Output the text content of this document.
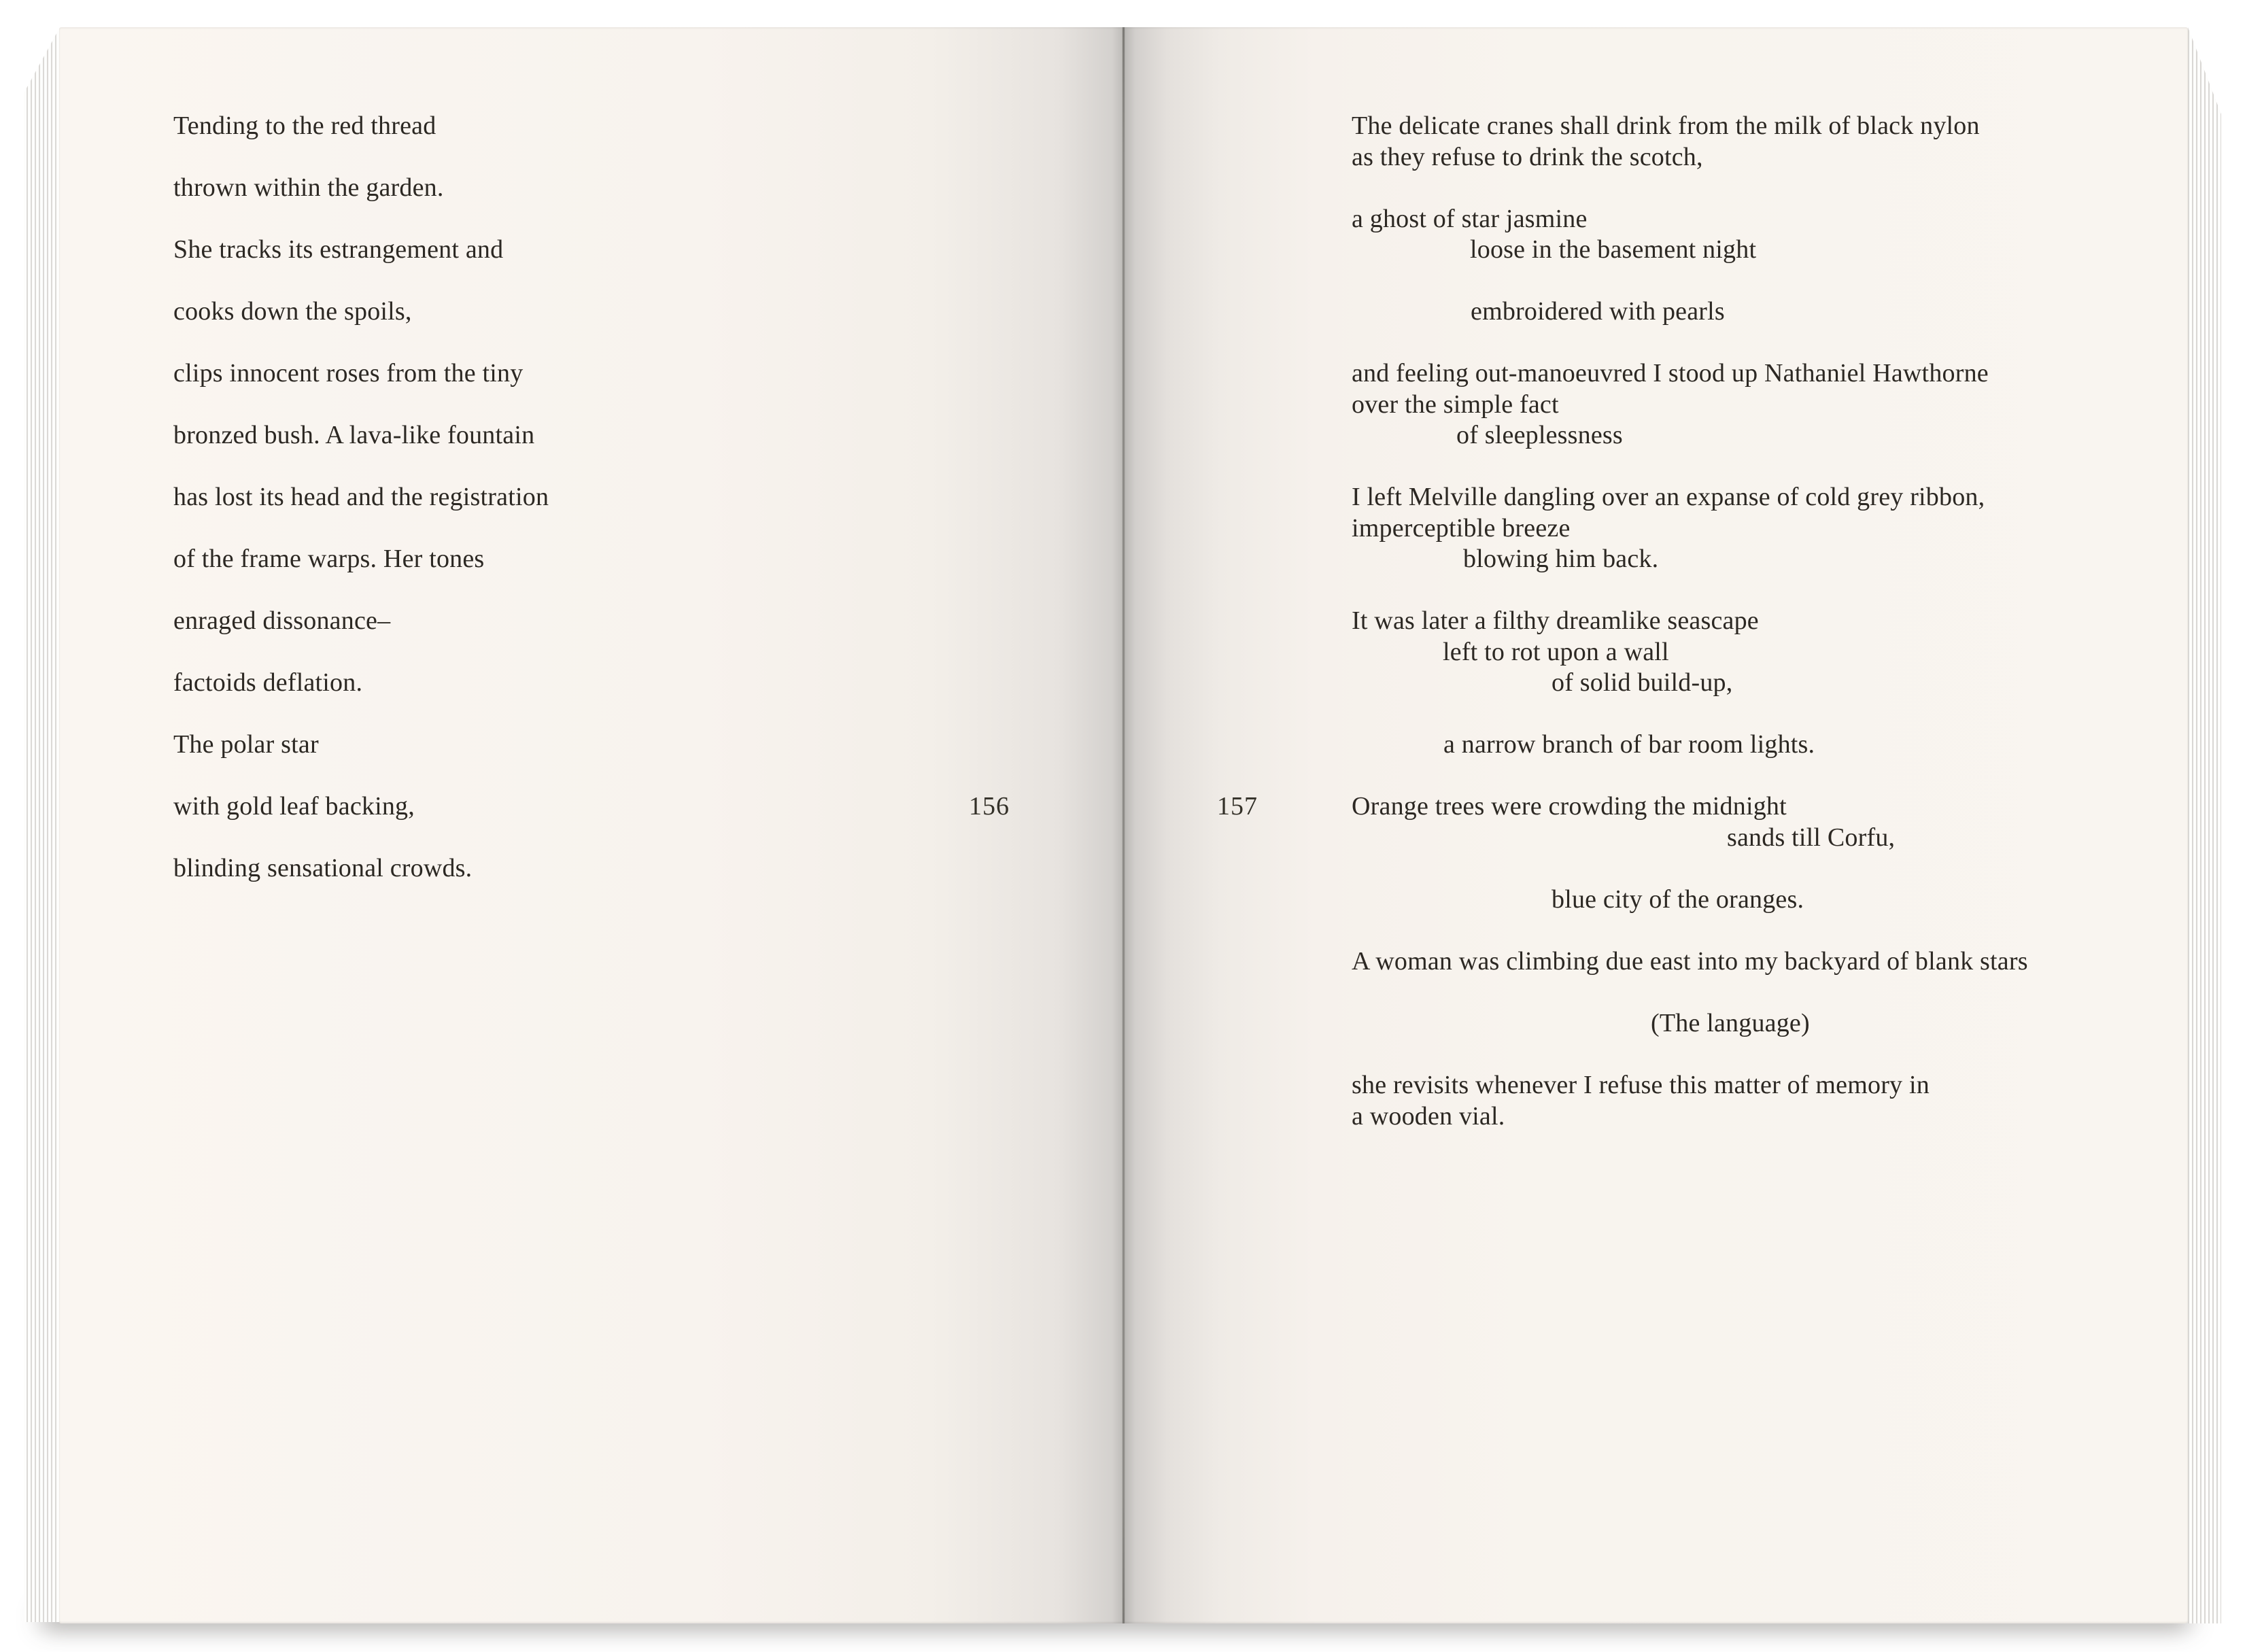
Tending to the red thread
thrown within the garden.
She tracks its estrangement and
cooks down the spoils,
clips innocent roses from the tiny
bronzed bush. A lava-like fountain
has lost its head and the registration
of the frame warps. Her tones
enraged dissonance–
factoids deflation.
The polar star
with gold leaf backing,
blinding sensational crowds.
156	157
The delicate cranes shall drink from the milk of black nylon
as they refuse to drink the scotch,
a ghost of star jasmine
loose in the basement night
embroidered with pearls
and feeling out-manoeuvred I stood up Nathaniel Hawthorne
over the simple fact
of sleeplessness
I left Melville dangling over an expanse of cold grey ribbon,
imperceptible breeze
blowing him back.
It was later a filthy dreamlike seascape
left to rot upon a wall
of solid build-up,
a narrow branch of bar room lights.
Orange trees were crowding the midnight
sands till Corfu,
blue city of the oranges.
A woman was climbing due east into my backyard of blank stars
(The language)
she revisits whenever I refuse this matter of memory in
a wooden vial.
